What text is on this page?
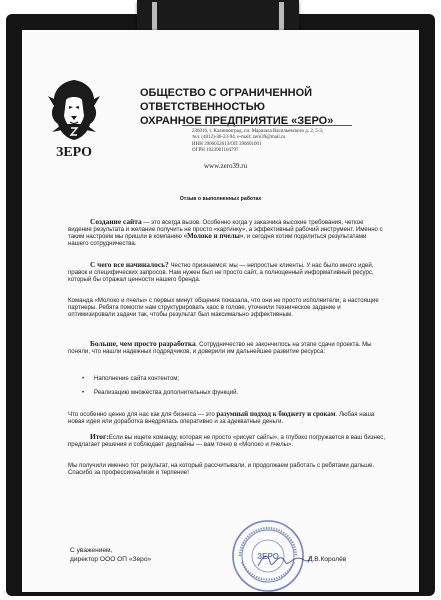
ЗЕРО
ОБЩЕСТВО С ОГРАНИЧЕННОЙ
ОТВЕТСТВЕННОСТЬЮ
ОХРАННОЕ ПРЕДПРИЯТИЕ «ЗЕРО»
236016, г. Калининград, пл. Маршала Васильевского д. 2, 5-3,
тел. (4012)-46-23-94, e-mail: zero39@mail.ru
ИНН 3906052613/ОП 390601001
ОГРН 1023901104797
www.zero39.ru
Отзыв о выполненных работах
Создание сайта — это всегда вызов. Особенно когда у заказчика высокие требования, четкое видение результата и желание получить не просто «картинку», а эффективный рабочий инструмент. Именно с таким настроем мы пришли в компанию «Молоко и пчелы», и сегодня хотим поделиться результатами нашего сотрудничества.
С чего все начиналось? Честно признаемся: мы — непростые клиенты. У нас было много идей, правок и специфических запросов. Нам нужен был не просто сайт, а полноценный информативный ресурс, который бы отражал ценности нашего бренда.
Команда «Молоко и пчелы» с первых минут общения показала, что они не просто исполнители, а настоящие партнеры. Ребята помогли нам структурировать хаос в голове, уточнили техническое задание и оптимизировали задачи так, чтобы результат был максимально эффективным.
Больше, чем просто разработка. Сотрудничество не закончилось на этапе сдачи проекта. Мы поняли, что нашли надежных подрядчиков, и доверили им дальнейшее развитие ресурса:
• Наполнение сайта контентом;
• Реализацию множества дополнительных функций.
Что особенно ценно для нас как для бизнеса — это разумный подход к бюджету и срокам. Любая наша новая идея или доработка внедрялась оперативно и за адекватные деньги.
Итог:Если вы ищете команду, которая не просто «рисует сайты», а глубоко погружается в ваш бизнес, предлагает решения и соблюдает дедлайны — вам точно в «Молоко и пчелы».
Мы получили именно тот результат, на который рассчитывали, и продолжаем работать с ребятами дальше. Спасибо за профессионализм и терпение!
ЗЕРО
С уважением,
директор ООО ОП «Зеро»	Д.В.Королёв
